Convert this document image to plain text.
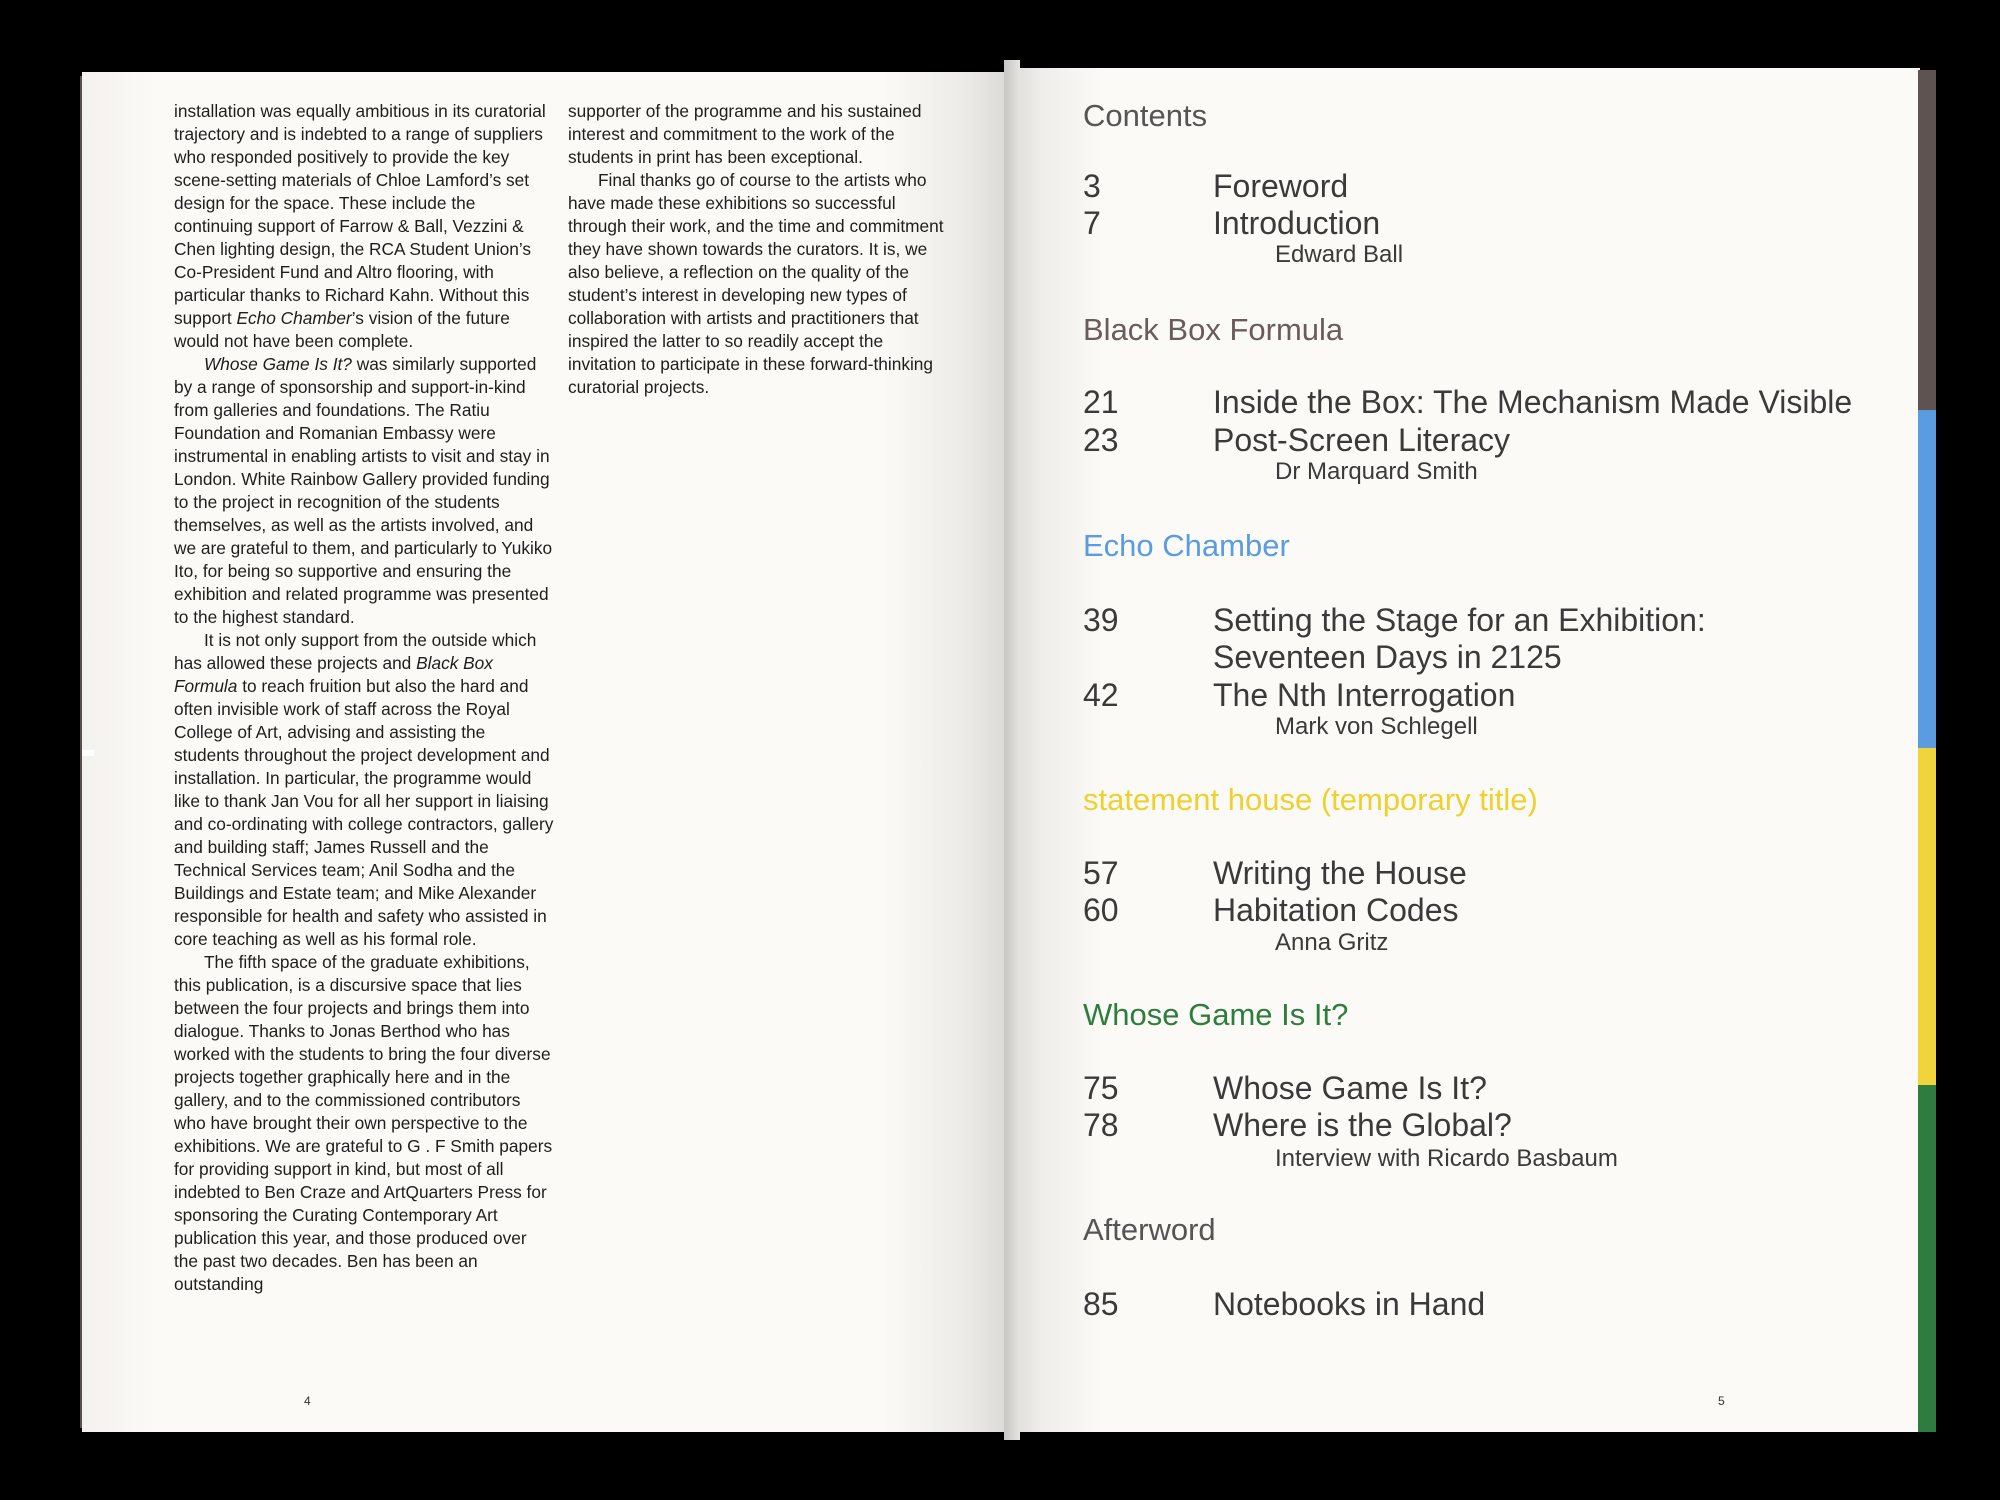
installation was equally ambitious in its curatorial trajectory and is indebted to a range of suppliers who responded positively to provide the key scene-setting materials of Chloe Lamford’s set design for the space. These include the continuing support of Farrow & Ball, Vezzini & Chen lighting design, the RCA Student Union’s Co-President Fund and Altro flooring, with particular thanks to Richard Kahn. Without this support Echo Chamber’s vision of the future would not have been complete.

Whose Game Is It? was similarly supported by a range of sponsorship and support-in-kind from galleries and foundations. The Ratiu Foundation and Romanian Embassy were instrumental in enabling artists to visit and stay in London. White Rainbow Gallery provided funding to the project in recognition of the students themselves, as well as the artists involved, and we are grateful to them, and particularly to Yukiko Ito, for being so supportive and ensuring the exhibition and related programme was presented to the highest standard.

It is not only support from the outside which has allowed these projects and Black Box Formula to reach fruition but also the hard and often invisible work of staff across the Royal College of Art, advising and assisting the students throughout the project development and installation. In particular, the programme would like to thank Jan Vou for all her support in liaising and co-ordinating with college contractors, gallery and building staff; James Russell and the Technical Services team; Anil Sodha and the Buildings and Estate team; and Mike Alexander responsible for health and safety who assisted in core teaching as well as his formal role.

The fifth space of the graduate exhibitions, this publication, is a discursive space that lies between the four projects and brings them into dialogue. Thanks to Jonas Berthod who has worked with the students to bring the four diverse projects together graphically here and in the gallery, and to the commissioned contributors who have brought their own perspective to the exhibitions. We are grateful to G . F Smith papers for providing support in kind, but most of all indebted to Ben Craze and ArtQuarters Press for sponsoring the Curating Contemporary Art publication this year, and those produced over the past two decades. Ben has been an outstanding

supporter of the programme and his sustained interest and commitment to the work of the students in print has been exceptional.

Final thanks go of course to the artists who have made these exhibitions so successful through their work, and the time and commitment they have shown towards the curators. It is, we also believe, a reflection on the quality of the student’s interest in developing new types of collaboration with artists and practitioners that inspired the latter to so readily accept the invitation to participate in these forward-thinking curatorial projects.

4
Contents
3	Foreword
7	Introduction
Edward Ball
Black Box Formula
21	Inside the Box: The Mechanism Made Visible
23	Post-Screen Literacy
Dr Marquard Smith
Echo Chamber
39	Setting the Stage for an Exhibition: Seventeen Days in 2125
42	The Nth Interrogation
Mark von Schlegell
statement house (temporary title)
57	Writing the House
60	Habitation Codes
Anna Gritz
Whose Game Is It?
75	Whose Game Is It?
78	Where is the Global?
Interview with Ricardo Basbaum
Afterword
85	Notebooks in Hand
5
